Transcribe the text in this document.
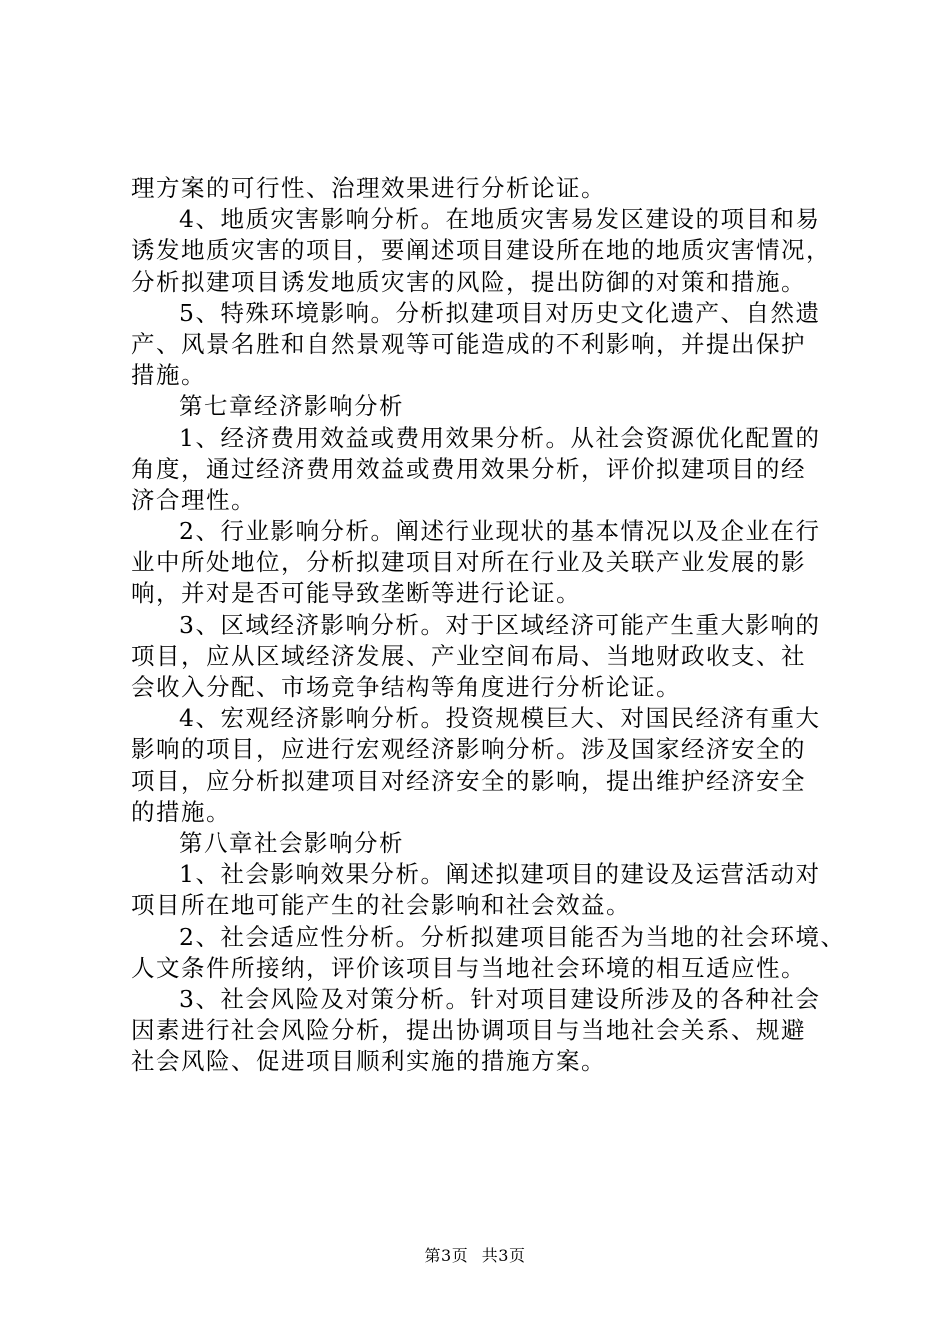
理方案的可行性、治理效果进行分析论证。
4、地质灾害影响分析。在地质灾害易发区建设的项目和易
诱发地质灾害的项目，要阐述项目建设所在地的地质灾害情况，
分析拟建项目诱发地质灾害的风险，提出防御的对策和措施。
5、特殊环境影响。分析拟建项目对历史文化遗产、自然遗
产、风景名胜和自然景观等可能造成的不利影响，并提出保护
措施。
第七章经济影响分析
1、经济费用效益或费用效果分析。从社会资源优化配置的
角度，通过经济费用效益或费用效果分析，评价拟建项目的经
济合理性。
2、行业影响分析。阐述行业现状的基本情况以及企业在行
业中所处地位，分析拟建项目对所在行业及关联产业发展的影
响，并对是否可能导致垄断等进行论证。
3、区域经济影响分析。对于区域经济可能产生重大影响的
项目，应从区域经济发展、产业空间布局、当地财政收支、社
会收入分配、市场竞争结构等角度进行分析论证。
4、宏观经济影响分析。投资规模巨大、对国民经济有重大
影响的项目，应进行宏观经济影响分析。涉及国家经济安全的
项目，应分析拟建项目对经济安全的影响，提出维护经济安全
的措施。
第八章社会影响分析
1、社会影响效果分析。阐述拟建项目的建设及运营活动对
项目所在地可能产生的社会影响和社会效益。
2、社会适应性分析。分析拟建项目能否为当地的社会环境、
人文条件所接纳，评价该项目与当地社会环境的相互适应性。
3、社会风险及对策分析。针对项目建设所涉及的各种社会
因素进行社会风险分析，提出协调项目与当地社会关系、规避
社会风险、促进项目顺利实施的措施方案。
第3页 共3页
